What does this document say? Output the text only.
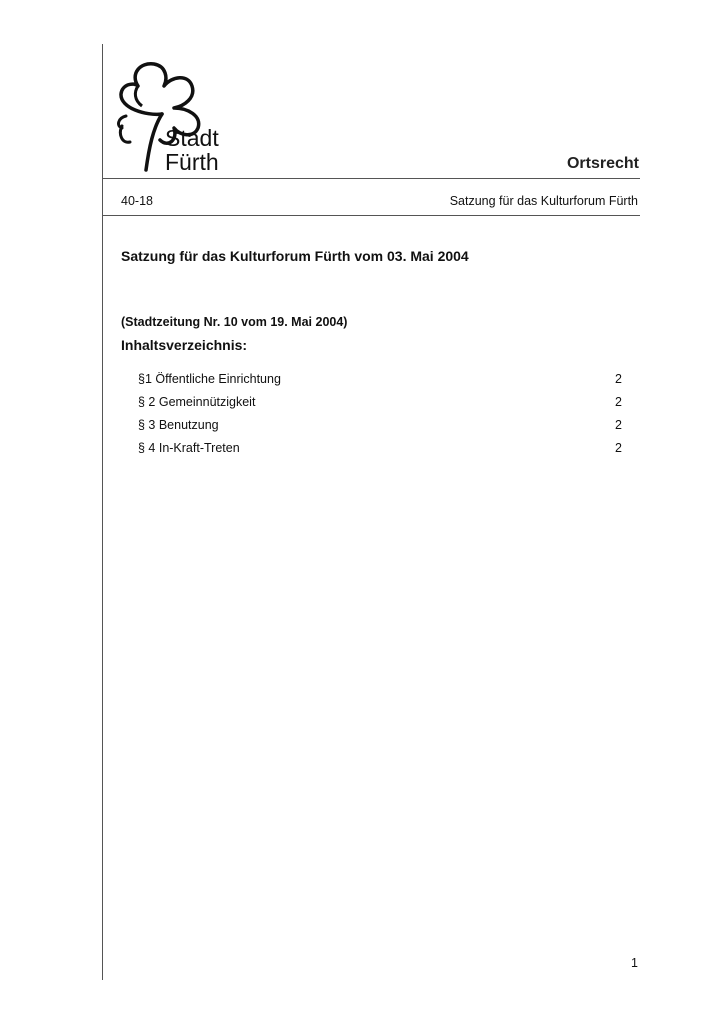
Stadt
Fürth	Ortsrecht
40-18	Satzung für das Kulturforum Fürth
Satzung für das Kulturforum Fürth vom 03. Mai 2004
(Stadtzeitung Nr. 10 vom 19. Mai 2004)
Inhaltsverzeichnis:
§1 Öffentliche Einrichtung	2
§ 2 Gemeinnützigkeit	2
§ 3 Benutzung	2
§ 4 In-Kraft-Treten	2
1
